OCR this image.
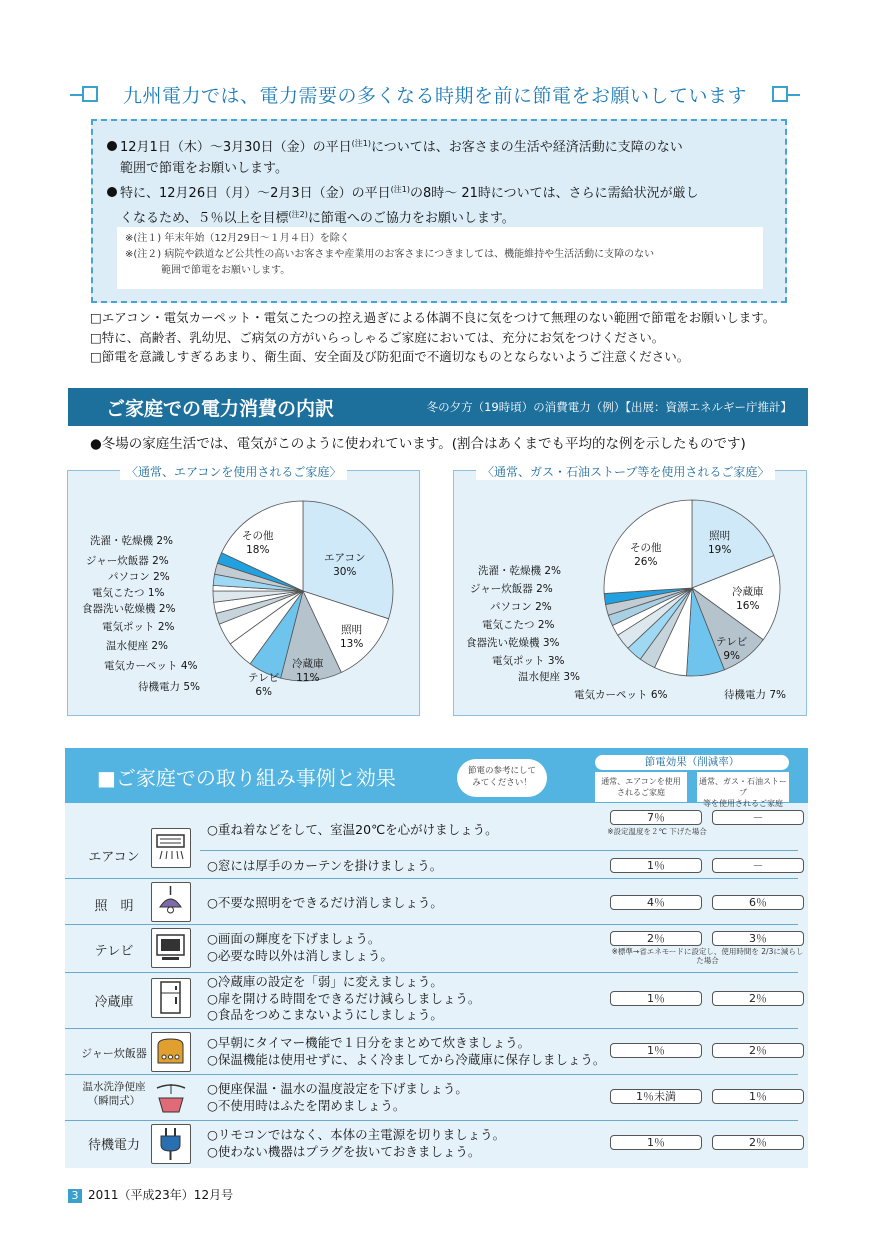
九州電力では、電力需要の多くなる時期を前に節電をお願いしています
12月1日（木）～3月30日（金）の平日$^{(注1)}$については、お客さまの生活や経済活動に支障のない
範囲で節電をお願いします。
特に、12月26日（月）～2月3日（金）の平日$^{(注1)}$の8時～ 21時については、さらに需給状況が厳し
くなるため、５％以上を目標$^{(注2)}$に節電へのご協力をお願いします。
※(注１) 年末年始（12月29日～１月４日）を除く
※(注２) 病院や鉄道など公共性の高いお客さまや産業用のお客さまにつきましては、機能維持や生活活動に支障のない
範囲で節電をお願いします。
□エアコン・電気カーペット・電気こたつの控え過ぎによる体調不良に気をつけて無理のない範囲で節電をお願いします。
□特に、高齢者、乳幼児、ご病気の方がいらっしゃるご家庭においては、充分にお気をつけください。
□節電を意識しすぎるあまり、衛生面、安全面及び防犯面で不適切なものとならないようご注意ください。
ご家庭での電力消費の内訳	冬の夕方（19時頃）の消費電力（例）【出展：資源エネルギー庁推計】
●冬場の家庭生活では、電気がこのように使われています。(割合はあくまでも平均的な例を示したものです)
〈通常、エアコンを使用されるご家庭〉
エアコン
30%
その他
18%
照明
13%
冷蔵庫
11%
テレビ
6%
待機電力 5%
電気カーペット 4%
温水便座 2%
電気ポット 2%
食器洗い乾燥機 2%
電気こたつ 1%
パソコン 2%
ジャー炊飯器 2%
洗濯・乾燥機 2%
〈通常、ガス・石油ストーブ等を使用されるご家庭〉
照明
19%
冷蔵庫
16%
テレビ
9%
その他
26%
待機電力 7%
電気カーペット 6%
温水便座 3%
電気ポット 3%
食器洗い乾燥機 3%
電気こたつ 2%
パソコン 2%
ジャー炊飯器 2%
洗濯・乾燥機 2%
■ご家庭での取り組み事例と効果	節電の参考にして
みてください！
節電効果（削減率）
通常、エアコンを使用
されるご家庭
通常、ガス・石油ストーブ
等を使用されるご家庭
エアコン
○重ね着などをして、室温20℃を心がけましょう。
7％	－
※設定温度を２℃ 下げた場合
○窓には厚手のカーテンを掛けましょう。	1％	－
照　明	○不要な照明をできるだけ消しましょう。	4％	6％
テレビ
○画面の輝度を下げましょう。
○必要な時以外は消しましょう。
2％	3％
※標準→省エネモードに設定し、使用時間を 2/3に減らした場合
冷蔵庫
○冷蔵庫の設定を「弱」に変えましょう。
○扉を開ける時間をできるだけ減らしましょう。
○食品をつめこまないようにしましょう。
1％	2％
ジャー炊飯器
○早朝にタイマー機能で１日分をまとめて炊きましょう。
○保温機能は使用せずに、よく冷ましてから冷蔵庫に保存しましょう。
1％	2％
温水洗浄便座
（瞬間式）
○便座保温・温水の温度設定を下げましょう。
○不使用時はふたを閉めましょう。
1％未満	1％
待機電力
○リモコンではなく、本体の主電源を切りましょう。
○使わない機器はプラグを抜いておきましょう。
1％	2％
3 2011（平成23年）12月号
